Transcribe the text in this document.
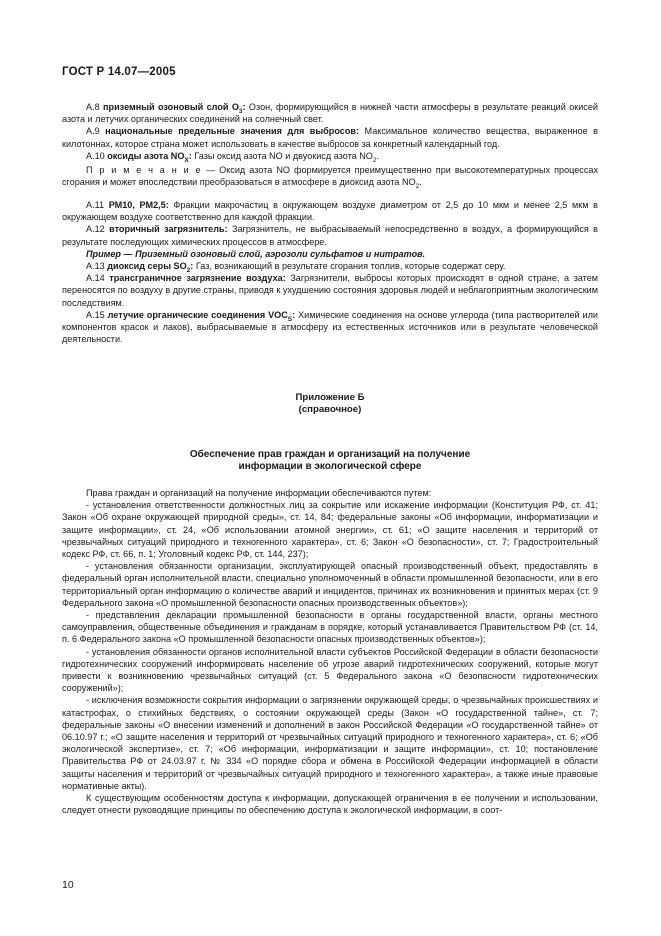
ГОСТ Р 14.07—2005

А.8 приземный озоновый слой $О_3$: Озон, формирующийся в нижней части атмосферы в результате реакций окисей азота и летучих органических соединений на солнечный свет.

А.9 национальные предельные значения для выбросов: Максимальное количество вещества, выраженное в килотоннах, которое страна может использовать в качестве выбросов за конкретный календарный год.

А.10 оксиды азота $NO_X$: Газы оксид азота NO и двуокисд азота $NO_2$.

П р и м е ч а н и е — Оксид азота NO формируется преимущественно при высокотемпературных процессах сгорания и может впоследствии преобразоваться в атмосфере в диоксид азота $NO_2$.

А.11 РМ10, РМ2,5: Фракции макрочастиц в окружающем воздухе диаметром от 2,5 до 10 мкм и менее 2,5 мкм в окружающем воздухе соответственно для каждой фракции.

А.12 вторичный загрязнитель: Загрязнитель, не выбрасываемый непосредственно в воздух, а формирующийся в результате последующих химических процессов в атмосфере.

Пример — Приземный озоновый слой, аэрозоли сульфатов и нитратов.

А.13 диоксид серы $SO_2$: Газ, возникающий в результате сгорания топлив, которые содержат серу.

А.14 трансграничное загрязнение воздуха: Загрязнители, выбросы которых происходят в одной стране, а затем переносятся по воздуху в другие страны, приводя к ухудшению состояния здоровья людей и неблагоприятным экологическим последствиям.

А.15 летучие органические соединения $VOC_S$: Химические соединения на основе углерода (типа растворителей или компонентов красок и лаков), выбрасываемые в атмосферу из естественных источников или в результате человеческой деятельности.

Приложение Б
(справочное)
Обеспечение прав граждан и организаций на получение
информации в экологической сфере

Права граждан и организаций на получение информации обеспечиваются путем:

- установления ответственности должностных лиц за сокрытие или искажение информации (Конституция РФ, ст. 41; Закон «Об охране окружающей природной среды», ст. 14, 84; федеральные законы «Об информации, информатизации и защите информации», ст. 24, «Об использовании атомной энергии», ст. 61; «О защите населения и территорий от чрезвычайных ситуаций природного и техногенного характера», ст. 6; Закон «О безопасности», ст. 7; Градостроительный кодекс РФ, ст. 66, п. 1; Уголовный кодекс РФ, ст. 144, 237);

- установления обязанности организации, эксплуатирующей опасный производственный объект, предоставлять в федеральный орган исполнительной власти, специально уполномоченный в области промышленной безопасности, или в его территориальный орган информацию о количестве аварий и инцидентов, причинах их возникновения и принятых мерах (ст. 9 Федерального закона «О промышленной безопасности опасных производственных объектов»);

- представления декларации промышленной безопасности в органы государственной власти, органы местного самоуправления, общественные объединения и гражданам в порядке, который устанавливается Правительством РФ (ст. 14, п. 6 Федерального закона «О промышленной безопасности опасных производственных объектов»);

- установления обязанности органов исполнительной власти субъектов Российской Федерации в области безопасности гидротехнических сооружений информировать население об угрозе аварий гидротехнических сооружений, которые могут привести к возникновению чрезвычайных ситуаций (ст. 5 Федерального закона «О безопасности гидротехнических сооружений»);

- исключения возможности сокрытия информации о загрязнении окружающей среды, о чрезвычайных происшествиях и катастрофах, о стихийных бедствиях, о состоянии окружающей среды (Закон «О государственной тайне», ст. 7; федеральные законы «О внесении изменений и дополнений в закон Российской Федерации «О государственной тайне» от 06.10.97 г.; «О защите населения и территорий от чрезвычайных ситуаций природного и техногенного характера», ст. 6; «Об экологической экспертизе», ст. 7; «Об информации, информатизации и защите информации», ст. 10; постановление Правительства РФ от 24.03.97 г. № 334 «О порядке сбора и обмена в Российской Федерации информацией в области защиты населения и территорий от чрезвычайных ситуаций природного и техногенного характера», а также иные правовые нормативные акты).

К существующим особенностям доступа к информации, допускающей ограничения в ее получении и использовании, следует отнести руководящие принципы по обеспечению доступа к экологической информации, в соот-

10
